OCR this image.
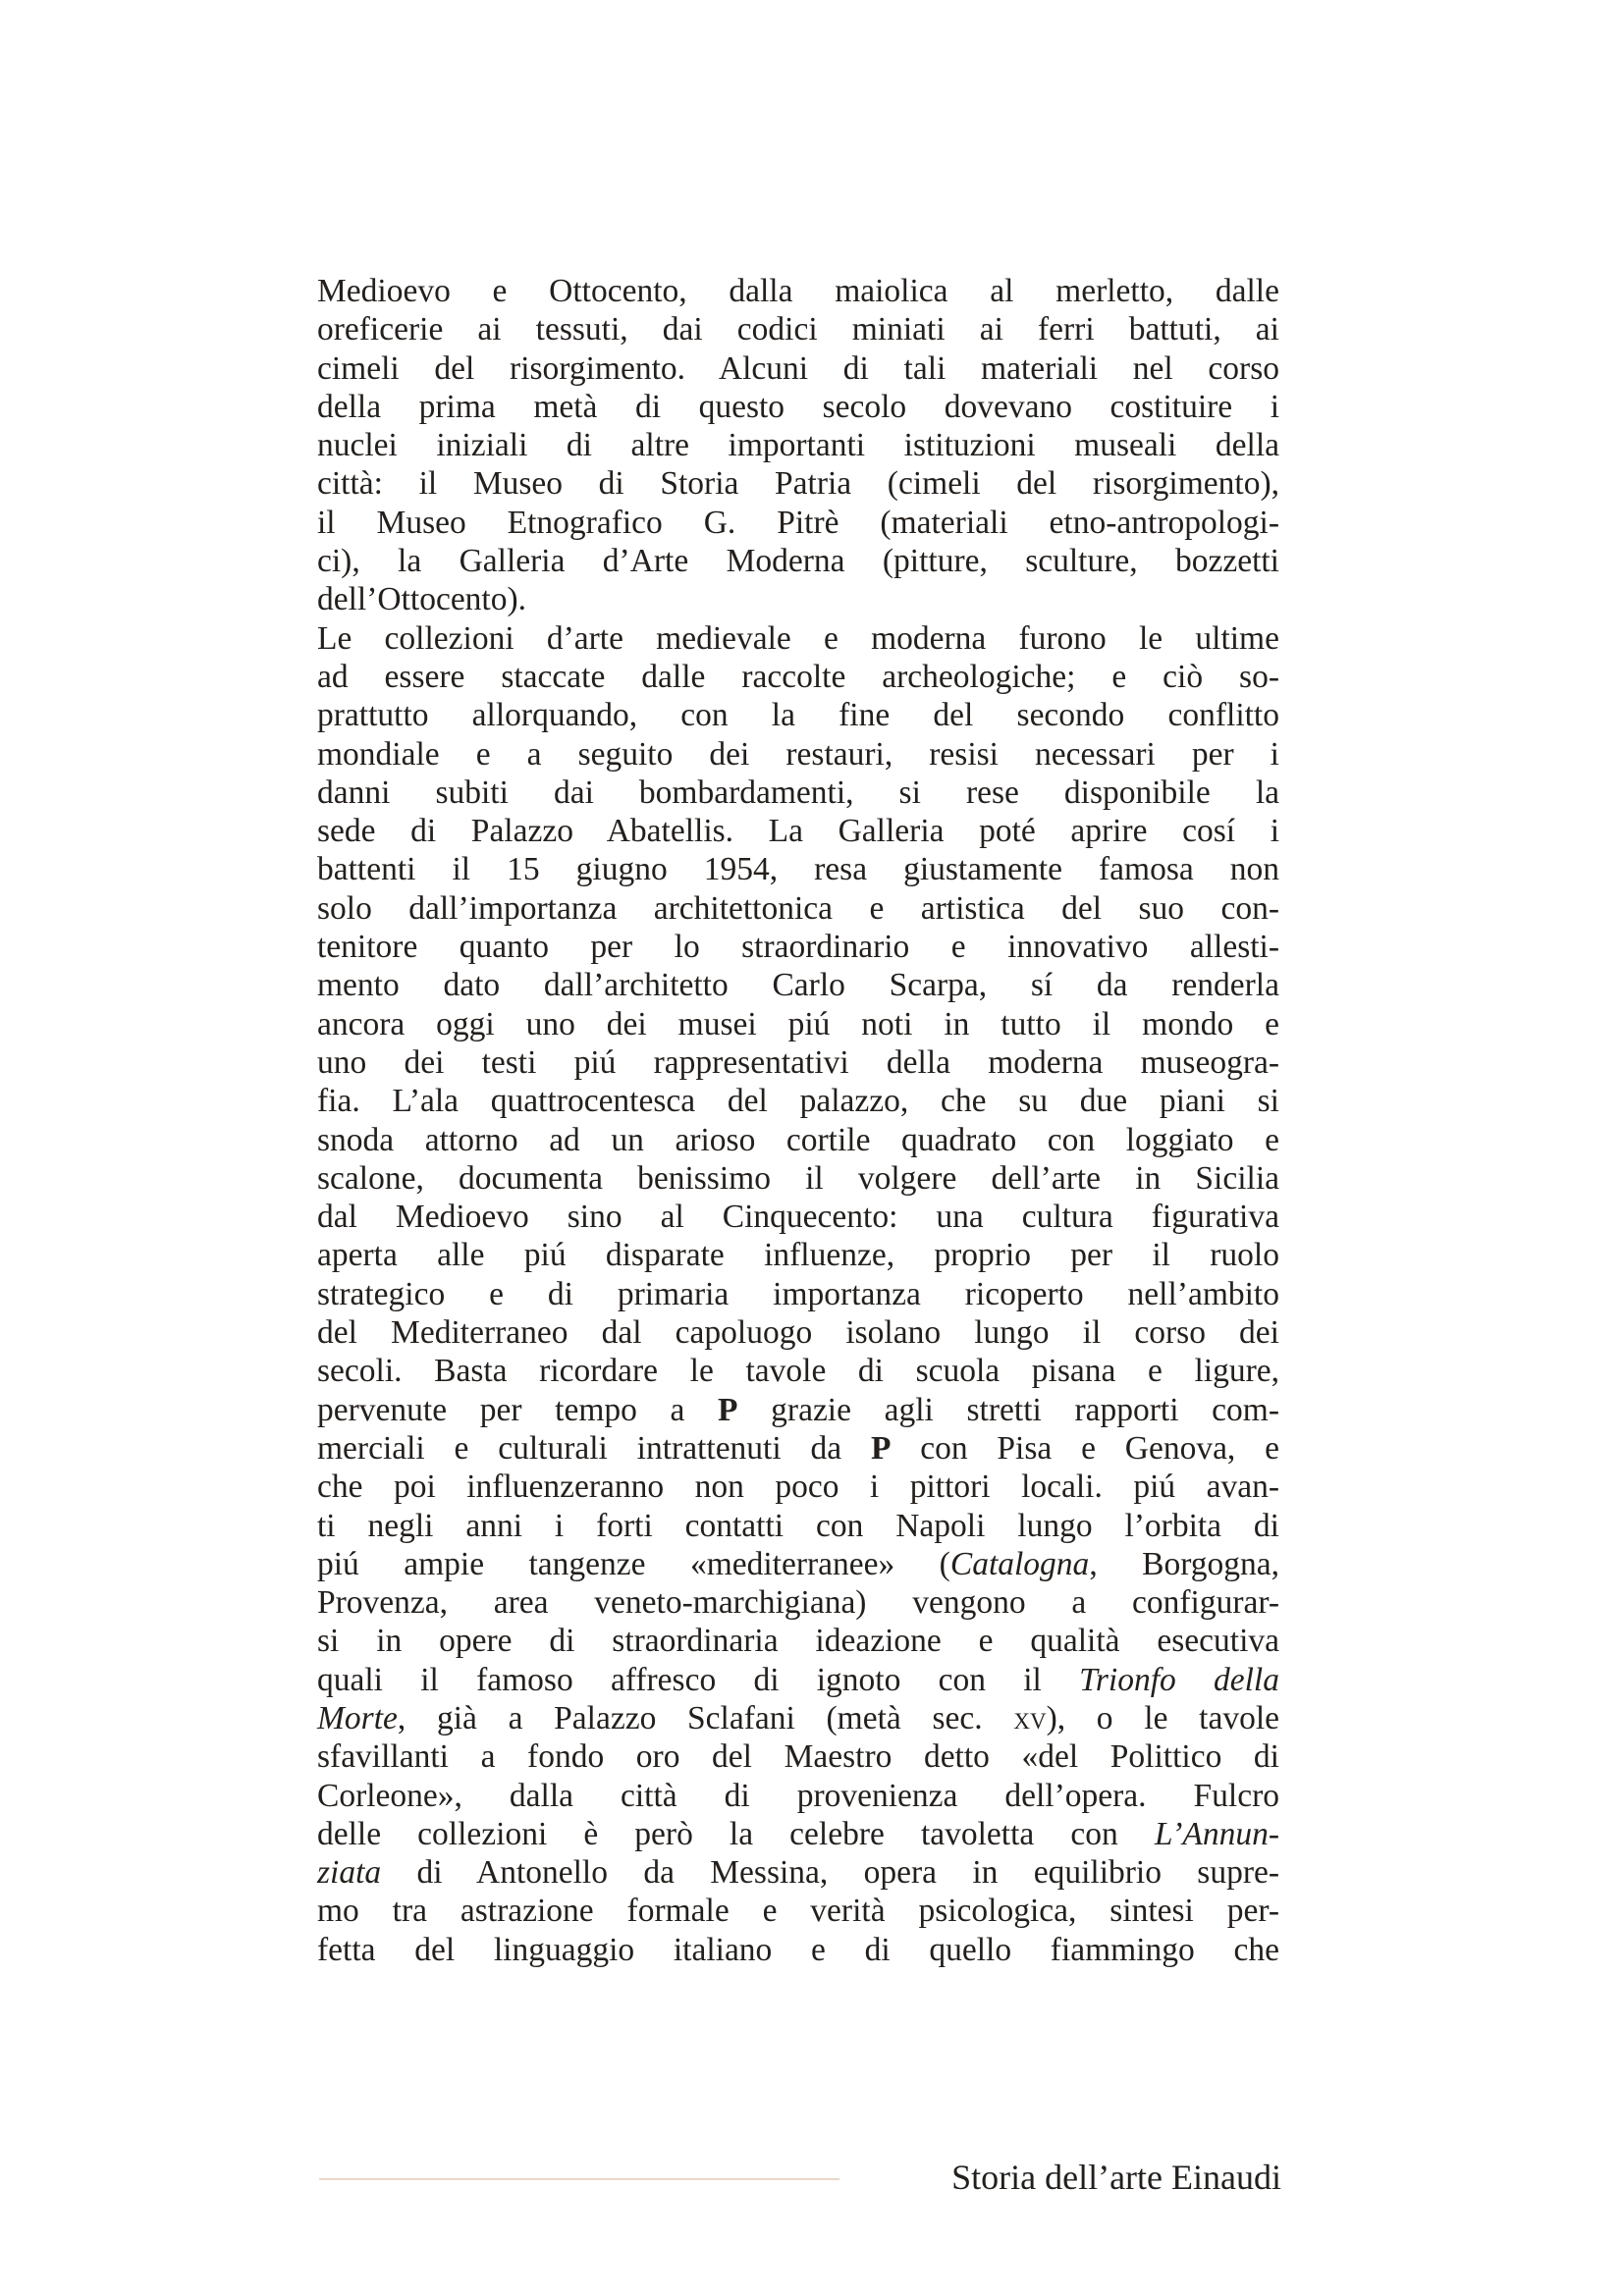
Medioevo e Ottocento, dalla maiolica al merletto, dalle
oreficerie ai tessuti, dai codici miniati ai ferri battuti, ai
cimeli del risorgimento. Alcuni di tali materiali nel corso
della prima metà di questo secolo dovevano costituire i
nuclei iniziali di altre importanti istituzioni museali della
città: il Museo di Storia Patria (cimeli del risorgimento),
il Museo Etnografico G. Pitrè (materiali etno-antropologi-
ci), la Galleria d’Arte Moderna (pitture, sculture, bozzetti
dell’Ottocento).
Le collezioni d’arte medievale e moderna furono le ultime
ad essere staccate dalle raccolte archeologiche; e ciò so-
prattutto allorquando, con la fine del secondo conflitto
mondiale e a seguito dei restauri, resisi necessari per i
danni subiti dai bombardamenti, si rese disponibile la
sede di Palazzo Abatellis. La Galleria poté aprire cosí i
battenti il 15 giugno 1954, resa giustamente famosa non
solo dall’importanza architettonica e artistica del suo con-
tenitore quanto per lo straordinario e innovativo allesti-
mento dato dall’architetto Carlo Scarpa, sí da renderla
ancora oggi uno dei musei piú noti in tutto il mondo e
uno dei testi piú rappresentativi della moderna museogra-
fia. L’ala quattrocentesca del palazzo, che su due piani si
snoda attorno ad un arioso cortile quadrato con loggiato e
scalone, documenta benissimo il volgere dell’arte in Sicilia
dal Medioevo sino al Cinquecento: una cultura figurativa
aperta alle piú disparate influenze, proprio per il ruolo
strategico e di primaria importanza ricoperto nell’ambito
del Mediterraneo dal capoluogo isolano lungo il corso dei
secoli. Basta ricordare le tavole di scuola pisana e ligure,
pervenute per tempo a P grazie agli stretti rapporti com-
merciali e culturali intrattenuti da P con Pisa e Genova, e
che poi influenzeranno non poco i pittori locali. piú avan-
ti negli anni i forti contatti con Napoli lungo l’orbita di
piú ampie tangenze «mediterranee» (Catalogna, Borgogna,
Provenza, area veneto-marchigiana) vengono a configurar-
si in opere di straordinaria ideazione e qualità esecutiva
quali il famoso affresco di ignoto con il Trionfo della
Morte, già a Palazzo Sclafani (metà sec. xv), o le tavole
sfavillanti a fondo oro del Maestro detto «del Polittico di
Corleone», dalla città di provenienza dell’opera. Fulcro
delle collezioni è però la celebre tavoletta con L’Annun-
ziata di Antonello da Messina, opera in equilibrio supre-
mo tra astrazione formale e verità psicologica, sintesi per-
fetta del linguaggio italiano e di quello fiammingo che
Storia dell’arte Einaudi
